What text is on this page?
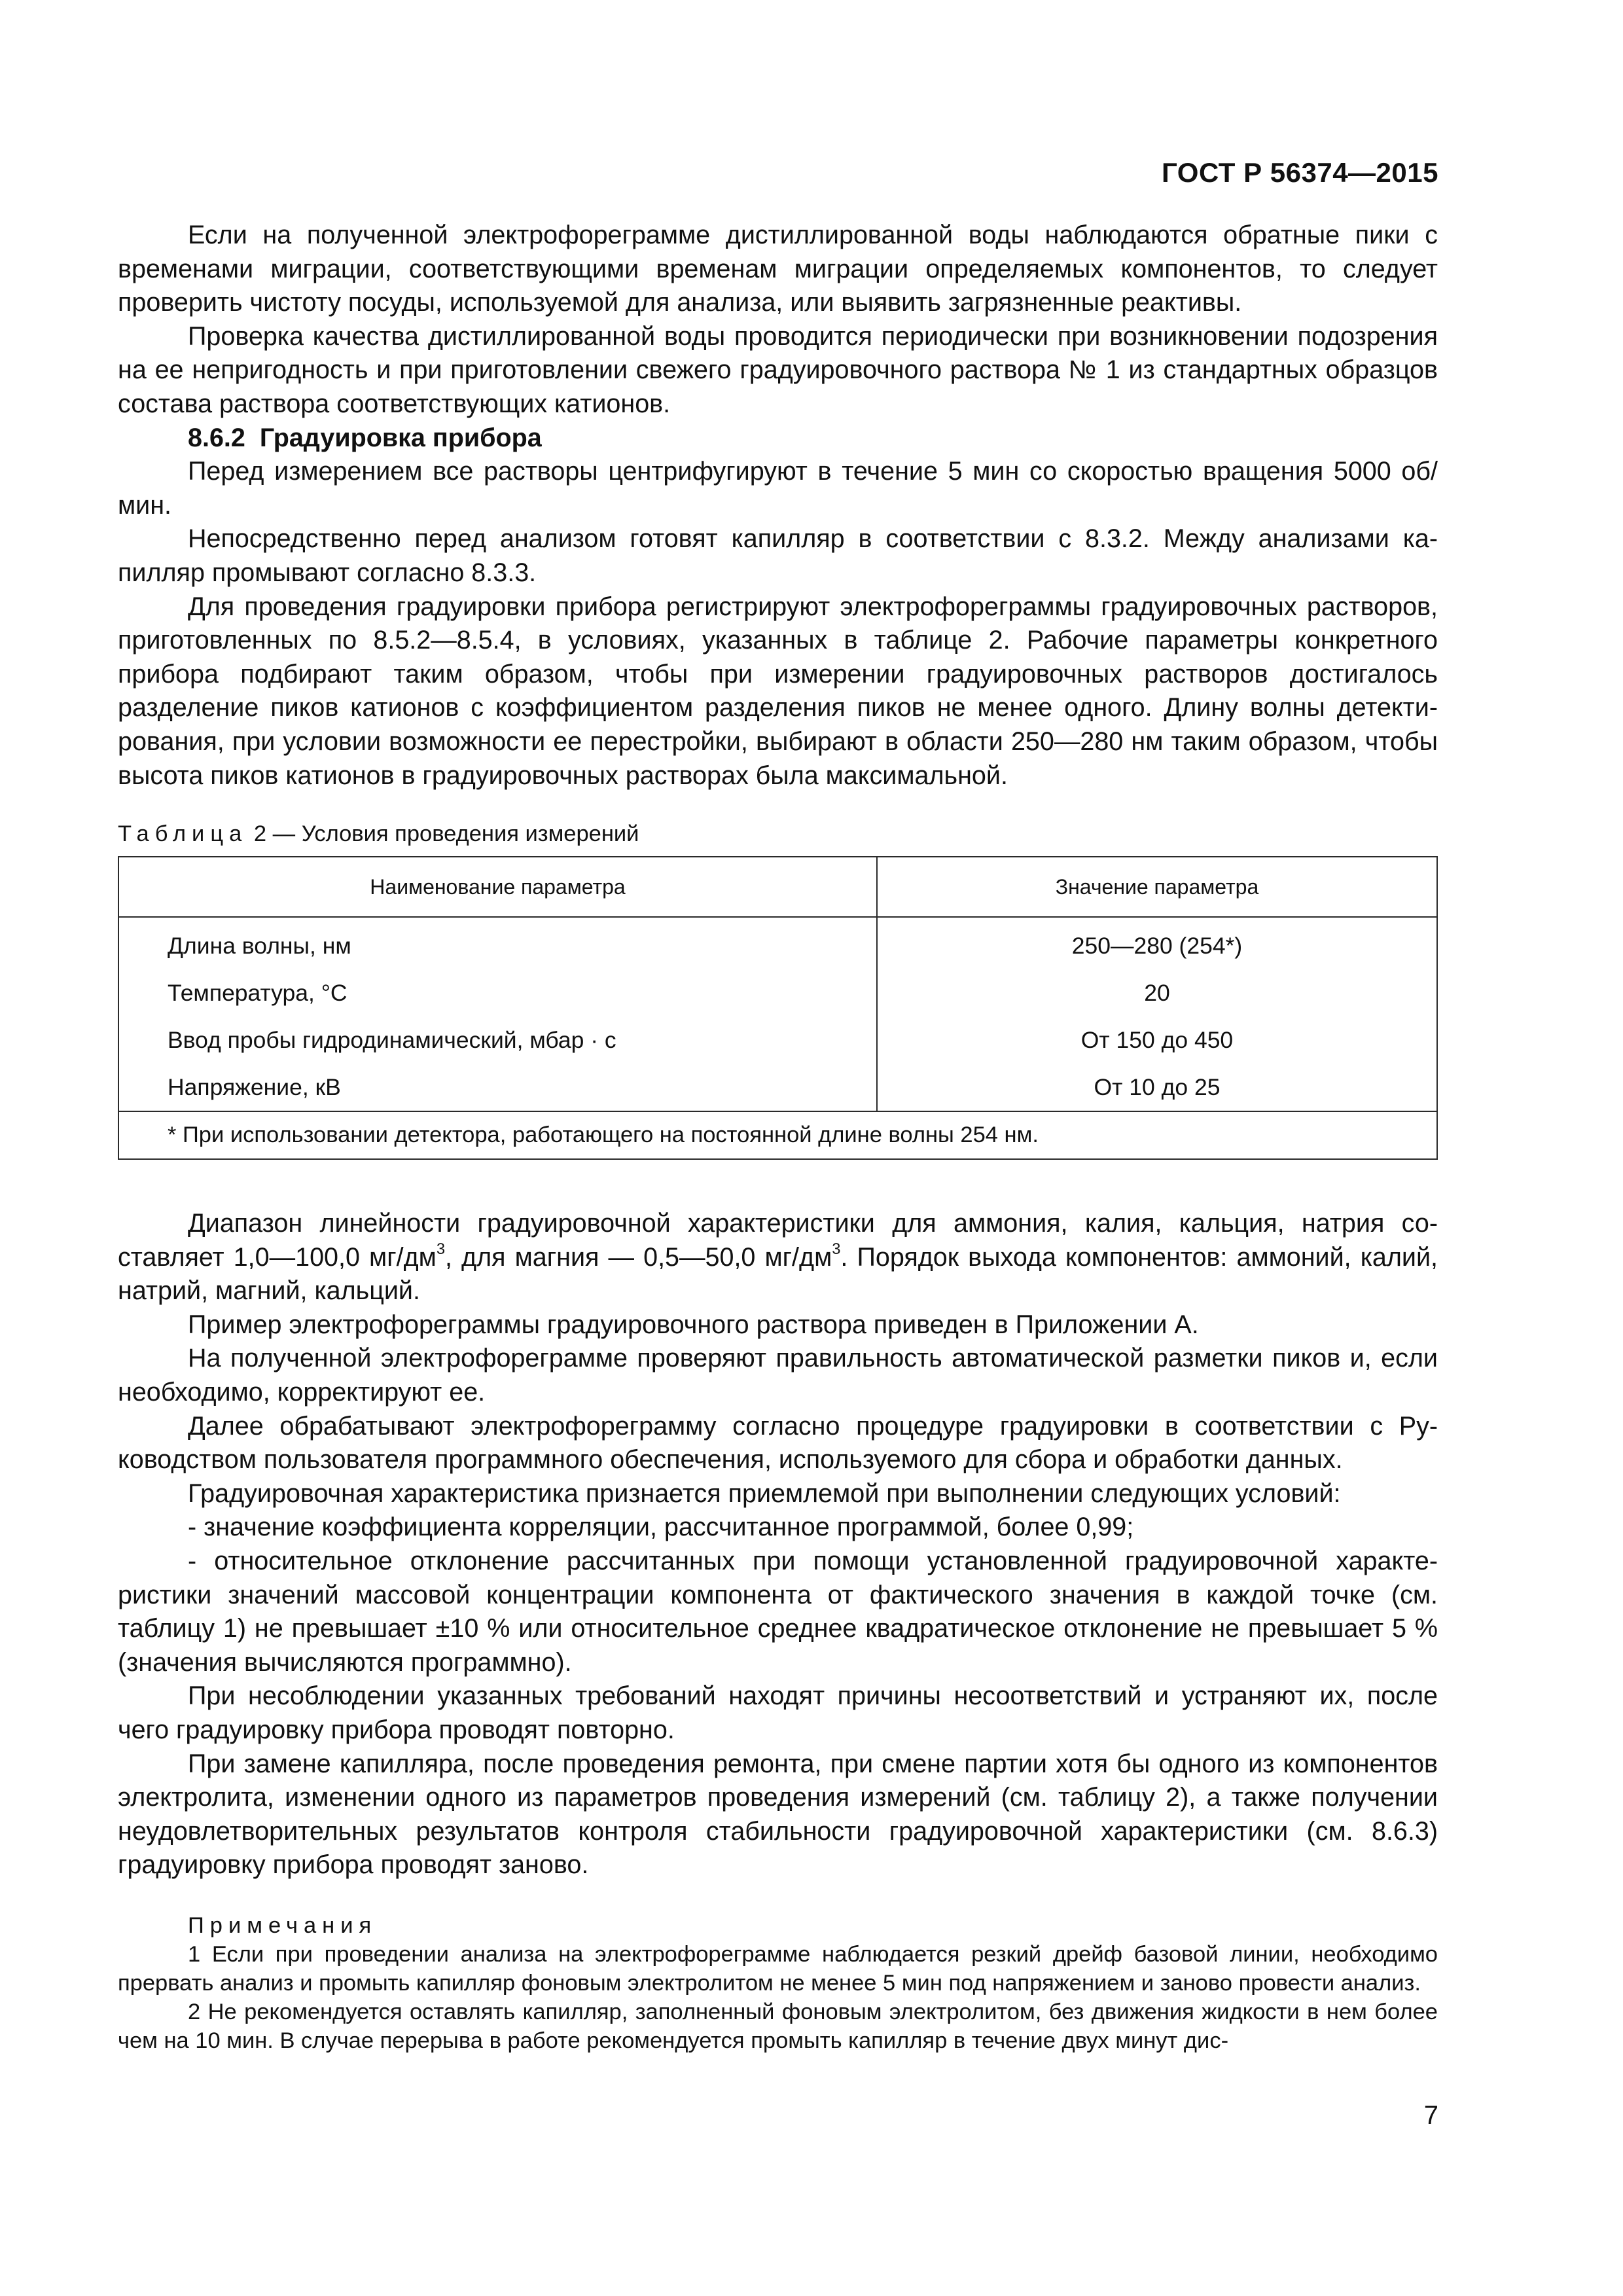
ГОСТ Р 56374—2015

Если на полученной электрофореграмме дистиллированной воды наблюдаются обратные пики с временами миграции, соответствующими временам миграции определяемых компонентов, то следует проверить чистоту посуды, используемой для анализа, или выявить загрязненные реактивы.

Проверка качества дистиллированной воды проводится периодически при возникновении подозрения на ее непригодность и при приготовлении свежего градуировочного раствора № 1 из стандартных образцов состава раствора соответствующих катионов.

8.6.2 Градуировка прибора

Перед измерением все растворы центрифугируют в течение 5 мин со скоростью вращения 5000 об/мин.

Непосредственно перед анализом готовят капилляр в соответствии с 8.3.2. Между анализами капилляр промывают согласно 8.3.3.

Для проведения градуировки прибора регистрируют электрофореграммы градуировочных растворов, приготовленных по 8.5.2—8.5.4, в условиях, указанных в таблице 2. Рабочие параметры конкретного прибора подбирают таким образом, чтобы при измерении градуировочных растворов достигалось разделение пиков катионов с коэффициентом разделения пиков не менее одного. Длину волны детектирования, при условии возможности ее перестройки, выбирают в области 250—280 нм таким образом, чтобы высота пиков катионов в градуировочных растворах была максимальной.

Таблица 2 — Условия проведения измерений
Наименование параметра	Значение параметра
Длина волны, нм	250—280 (254*)
Температура, °С	20
Ввод пробы гидродинамический, мбар · с	От 150 до 450
Напряжение, кВ	От 10 до 25
* При использовании детектора, работающего на постоянной длине волны 254 нм.	

Диапазон линейности градуировочной характеристики для аммония, калия, кальция, натрия составляет 1,0—100,0 $мг/дм^3$, для магния — 0,5—50,0 $мг/дм^3$. Порядок выхода компонентов: аммоний, калий, натрий, магний, кальций.

Пример электрофореграммы градуировочного раствора приведен в Приложении А.

На полученной электрофореграмме проверяют правильность автоматической разметки пиков и, если необходимо, корректируют ее.

Далее обрабатывают электрофореграмму согласно процедуре градуировки в соответствии с Руководством пользователя программного обеспечения, используемого для сбора и обработки данных.

Градуировочная характеристика признается приемлемой при выполнении следующих условий:

- значение коэффициента корреляции, рассчитанное программой, более 0,99;

- относительное отклонение рассчитанных при помощи установленной градуировочной характеристики значений массовой концентрации компонента от фактического значения в каждой точке (см. таблицу 1) не превышает ±10 % или относительное среднее квадратическое отклонение не превышает 5 % (значения вычисляются программно).

При несоблюдении указанных требований находят причины несоответствий и устраняют их, после чего градуировку прибора проводят повторно.

При замене капилляра, после проведения ремонта, при смене партии хотя бы одного из компонентов электролита, изменении одного из параметров проведения измерений (см. таблицу 2), а также получении неудовлетворительных результатов контроля стабильности градуировочной характеристики (см. 8.6.3) градуировку прибора проводят заново.

Примечания

1 Если при проведении анализа на электрофореграмме наблюдается резкий дрейф базовой линии, необходимо прервать анализ и промыть капилляр фоновым электролитом не менее 5 мин под напряжением и заново провести анализ.

2 Не рекомендуется оставлять капилляр, заполненный фоновым электролитом, без движения жидкости в нем более чем на 10 мин. В случае перерыва в работе рекомендуется промыть капилляр в течение двух минут дис-

7
